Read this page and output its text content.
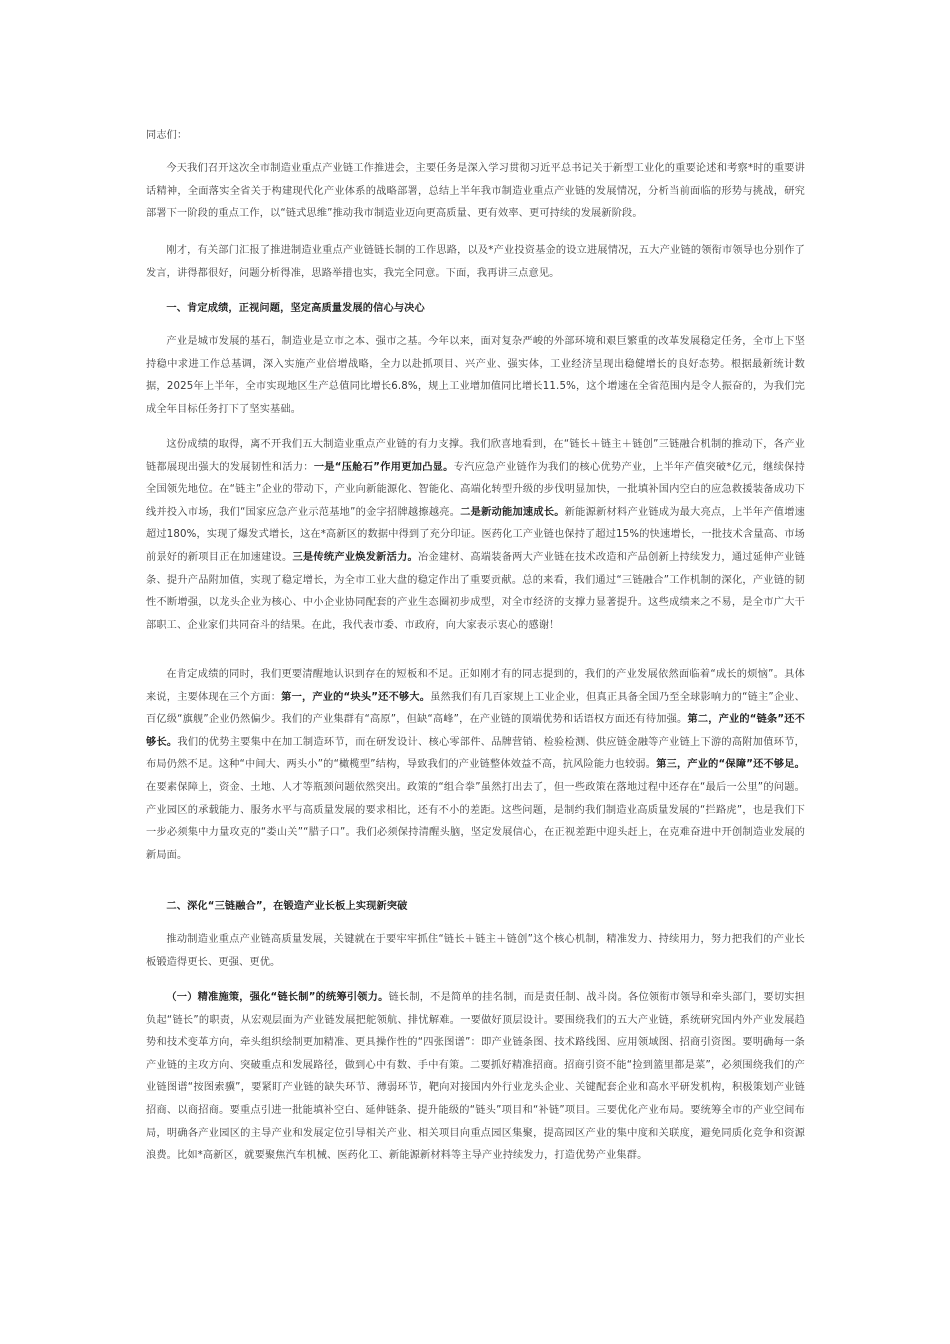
同志们：

今天我们召开这次全市制造业重点产业链工作推进会，主要任务是深入学习贯彻习近平总书记关于新型工业化的重要论述和考察*时的重要讲话精神，全面落实全省关于构建现代化产业体系的战略部署，总结上半年我市制造业重点产业链的发展情况，分析当前面临的形势与挑战，研究部署下一阶段的重点工作，以“链式思维”推动我市制造业迈向更高质量、更有效率、更可持续的发展新阶段。

刚才，有关部门汇报了推进制造业重点产业链链长制的工作思路，以及*产业投资基金的设立进展情况，五大产业链的领衔市领导也分别作了发言，讲得都很好，问题分析得准，思路举措也实，我完全同意。下面，我再讲三点意见。

一、肯定成绩，正视问题，坚定高质量发展的信心与决心

产业是城市发展的基石，制造业是立市之本、强市之基。今年以来，面对复杂严峻的外部环境和艰巨繁重的改革发展稳定任务，全市上下坚持稳中求进工作总基调，深入实施产业倍增战略，全力以赴抓项目、兴产业、强实体，工业经济呈现出稳健增长的良好态势。根据最新统计数据，2025年上半年，全市实现地区生产总值同比增长6.8%，规上工业增加值同比增长11.5%，这个增速在全省范围内是令人振奋的，为我们完成全年目标任务打下了坚实基础。

这份成绩的取得，离不开我们五大制造业重点产业链的有力支撑。我们欣喜地看到，在“链长＋链主＋链创”三链融合机制的推动下，各产业链都展现出强大的发展韧性和活力：一是“压舱石”作用更加凸显。专汽应急产业链作为我们的核心优势产业，上半年产值突破*亿元，继续保持全国领先地位。在“链主”企业的带动下，产业向新能源化、智能化、高端化转型升级的步伐明显加快，一批填补国内空白的应急救援装备成功下线并投入市场，我们“国家应急产业示范基地”的金字招牌越擦越亮。二是新动能加速成长。新能源新材料产业链成为最大亮点，上半年产值增速超过180%，实现了爆发式增长，这在*高新区的数据中得到了充分印证。医药化工产业链也保持了超过15%的快速增长，一批技术含量高、市场前景好的新项目正在加速建设。三是传统产业焕发新活力。冶金建材、高端装备两大产业链在技术改造和产品创新上持续发力，通过延伸产业链条、提升产品附加值，实现了稳定增长，为全市工业大盘的稳定作出了重要贡献。总的来看，我们通过“三链融合”工作机制的深化，产业链的韧性不断增强，以龙头企业为核心、中小企业协同配套的产业生态圈初步成型，对全市经济的支撑力显著提升。这些成绩来之不易，是全市广大干部职工、企业家们共同奋斗的结果。在此，我代表市委、市政府，向大家表示衷心的感谢！

在肯定成绩的同时，我们更要清醒地认识到存在的短板和不足。正如刚才有的同志提到的，我们的产业发展依然面临着“成长的烦恼”。具体来说，主要体现在三个方面：第一，产业的“块头”还不够大。虽然我们有几百家规上工业企业，但真正具备全国乃至全球影响力的“链主”企业、百亿级“旗舰”企业仍然偏少。我们的产业集群有“高原”，但缺“高峰”，在产业链的顶端优势和话语权方面还有待加强。第二，产业的“链条”还不够长。我们的优势主要集中在加工制造环节，而在研发设计、核心零部件、品牌营销、检验检测、供应链金融等产业链上下游的高附加值环节，布局仍然不足。这种“中间大、两头小”的“橄榄型”结构，导致我们的产业链整体效益不高，抗风险能力也较弱。第三，产业的“保障”还不够足。在要素保障上，资金、土地、人才等瓶颈问题依然突出。政策的“组合拳”虽然打出去了，但一些政策在落地过程中还存在“最后一公里”的问题。产业园区的承载能力、服务水平与高质量发展的要求相比，还有不小的差距。这些问题，是制约我们制造业高质量发展的“拦路虎”，也是我们下一步必须集中力量攻克的“娄山关”“腊子口”。我们必须保持清醒头脑，坚定发展信心，在正视差距中迎头赶上，在克难奋进中开创制造业发展的新局面。

二、深化“三链融合”，在锻造产业长板上实现新突破

推动制造业重点产业链高质量发展，关键就在于要牢牢抓住“链长＋链主＋链创”这个核心机制，精准发力、持续用力，努力把我们的产业长板锻造得更长、更强、更优。

（一）精准施策，强化“链长制”的统筹引领力。链长制，不是简单的挂名制，而是责任制、战斗岗。各位领衔市领导和牵头部门，要切实担负起“链长”的职责，从宏观层面为产业链发展把舵领航、排忧解难。一要做好顶层设计。要围绕我们的五大产业链，系统研究国内外产业发展趋势和技术变革方向，牵头组织绘制更加精准、更具操作性的“四张图谱”：即产业链条图、技术路线图、应用领域图、招商引资图。要明确每一条产业链的主攻方向、突破重点和发展路径，做到心中有数、手中有策。二要抓好精准招商。招商引资不能“捡到篮里都是菜”，必须围绕我们的产业链图谱“按图索骥”，要紧盯产业链的缺失环节、薄弱环节，靶向对接国内外行业龙头企业、关键配套企业和高水平研发机构，积极策划产业链招商、以商招商。要重点引进一批能填补空白、延伸链条、提升能级的“链头”项目和“补链”项目。三要优化产业布局。要统筹全市的产业空间布局，明确各产业园区的主导产业和发展定位引导相关产业、相关项目向重点园区集聚，提高园区产业的集中度和关联度，避免同质化竞争和资源浪费。比如*高新区，就要聚焦汽车机械、医药化工、新能源新材料等主导产业持续发力，打造优势产业集群。
